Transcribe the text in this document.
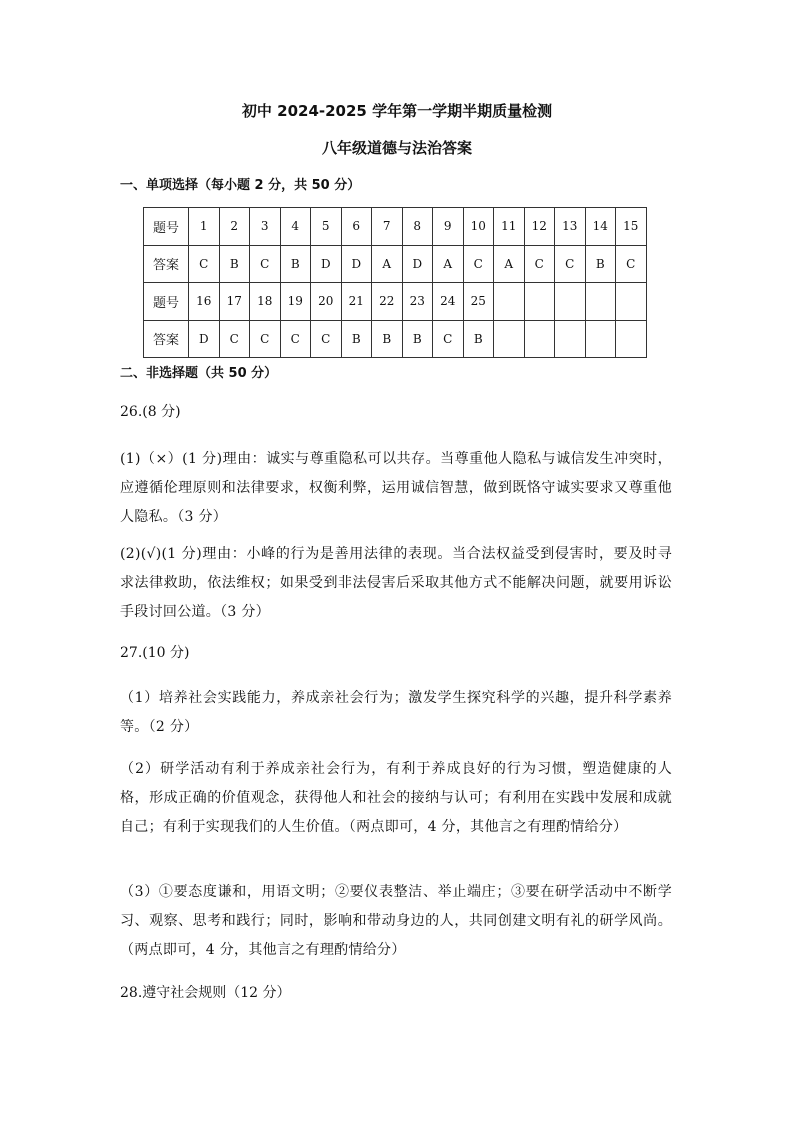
初中 2024-2025 学年第一学期半期质量检测
八年级道德与法治答案
一、单项选择（每小题 2 分，共 50 分）
题号	1	2	3	4	5	6	7	8	9	10	11	12	13	14	15
答案	C	B	C	B	D	D	A	D	A	C	A	C	C	B	C
题号	16	17	18	19	20	21	22	23	24	25					
答案	D	C	C	C	C	B	B	B	C	B					
二、非选择题（共 50 分）
26.(8 分)
(1)（×）(1 分)理由：诚实与尊重隐私可以共存。当尊重他人隐私与诚信发生冲突时，应遵循伦理原则和法律要求，权衡利弊，运用诚信智慧，做到既恪守诚实要求又尊重他人隐私。（3 分）
(2)(√)(1 分)理由：小峰的行为是善用法律的表现。当合法权益受到侵害时，要及时寻求法律救助，依法维权；如果受到非法侵害后采取其他方式不能解决问题，就要用诉讼手段讨回公道。（3 分）
27.(10 分)
（1）培养社会实践能力，养成亲社会行为；激发学生探究科学的兴趣，提升科学素养等。（2 分）
（2）研学活动有利于养成亲社会行为，有利于养成良好的行为习惯，塑造健康的人格，形成正确的价值观念，获得他人和社会的接纳与认可；有利用在实践中发展和成就自己；有利于实现我们的人生价值。（两点即可，4 分，其他言之有理酌情给分）
（3）①要态度谦和，用语文明；②要仪表整洁、举止端庄；③要在研学活动中不断学习、观察、思考和践行；同时，影响和带动身边的人，共同创建文明有礼的研学风尚。（两点即可，4 分，其他言之有理酌情给分）
28.遵守社会规则（12 分）
